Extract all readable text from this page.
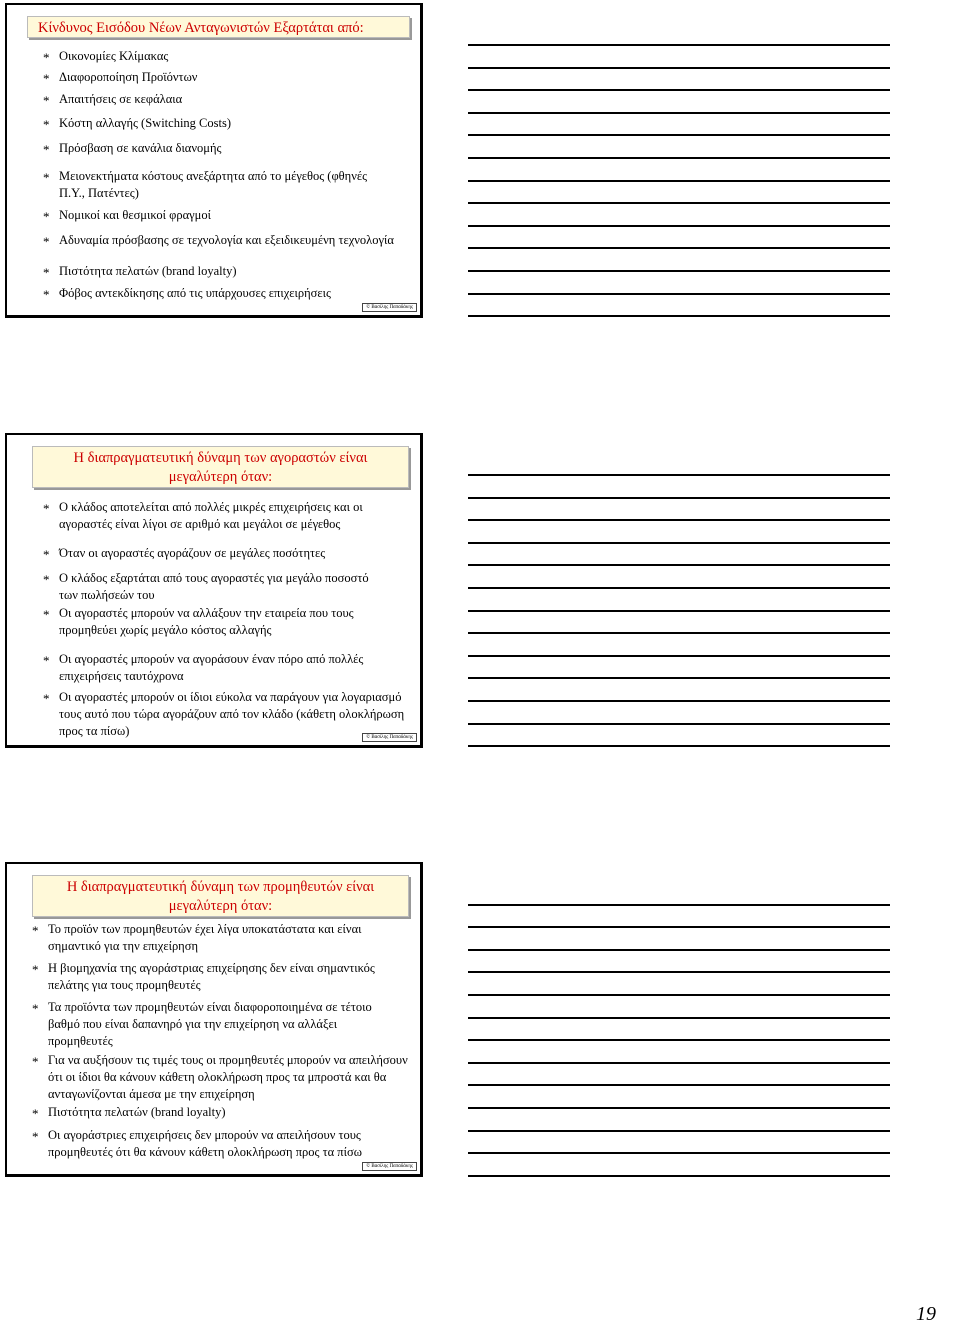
Κίνδυνος Εισόδου Νέων Ανταγωνιστών Εξαρτάται από:
* Οικονομίες Κλίμακας
* Διαφοροποίηση Προϊόντων
* Απαιτήσεις σε κεφάλαια
* Κόστη αλλαγής (Switching Costs)
* Πρόσβαση σε κανάλια διανομής
* Μειονεκτήματα κόστους ανεξάρτητα από το μέγεθος (φθηνές Π.Υ., Πατέντες)
* Νομικοί και θεσμικοί φραγμοί
* Αδυναμία πρόσβασης σε τεχνολογία και εξειδικευμένη τεχνολογία
* Πιστότητα πελατών (brand loyalty)
* Φόβος αντεκδίκησης από τις υπάρχουσες επιχειρήσεις
© Βασίλης Παπαδάκης
Η διαπραγματευτική δύναμη των αγοραστών είναι μεγαλύτερη όταν:
* Ο κλάδος αποτελείται από πολλές μικρές επιχειρήσεις και οι αγοραστές είναι λίγοι σε αριθμό και μεγάλοι σε μέγεθος
* Όταν οι αγοραστές αγοράζουν σε μεγάλες ποσότητες
* Ο κλάδος εξαρτάται από τους αγοραστές για μεγάλο ποσοστό των πωλήσεών του
* Οι αγοραστές μπορούν να αλλάξουν την εταιρεία που τους προμηθεύει χωρίς μεγάλο κόστος αλλαγής
* Οι αγοραστές μπορούν να αγοράσουν έναν πόρο από πολλές επιχειρήσεις ταυτόχρονα
* Οι αγοραστές μπορούν οι ίδιοι εύκολα να παράγουν για λογαριασμό τους αυτό που τώρα αγοράζουν από τον κλάδο (κάθετη ολοκλήρωση προς τα πίσω)	© Βασίλης Παπαδάκης
Η διαπραγματευτική δύναμη των προμηθευτών είναι μεγαλύτερη όταν:
* Το προϊόν των προμηθευτών έχει λίγα υποκατάστατα και είναι σημαντικό για την επιχείρηση
* Η βιομηχανία της αγοράστριας επιχείρησης δεν είναι σημαντικός πελάτης για τους προμηθευτές
* Τα προϊόντα των προμηθευτών είναι διαφοροποιημένα σε τέτοιο βαθμό που είναι δαπανηρό για την επιχείρηση να αλλάξει προμηθευτές
* Για να αυξήσουν τις τιμές τους οι προμηθευτές μπορούν να απειλήσουν ότι οι ίδιοι θα κάνουν κάθετη ολοκλήρωση προς τα μπροστά και θα ανταγωνίζονται άμεσα με την επιχείρηση
* Πιστότητα πελατών (brand loyalty)
* Οι αγοράστριες επιχειρήσεις δεν μπορούν να απειλήσουν τους προμηθευτές ότι θα κάνουν κάθετη ολοκλήρωση προς τα πίσω
© Βασίλης Παπαδάκης
19
